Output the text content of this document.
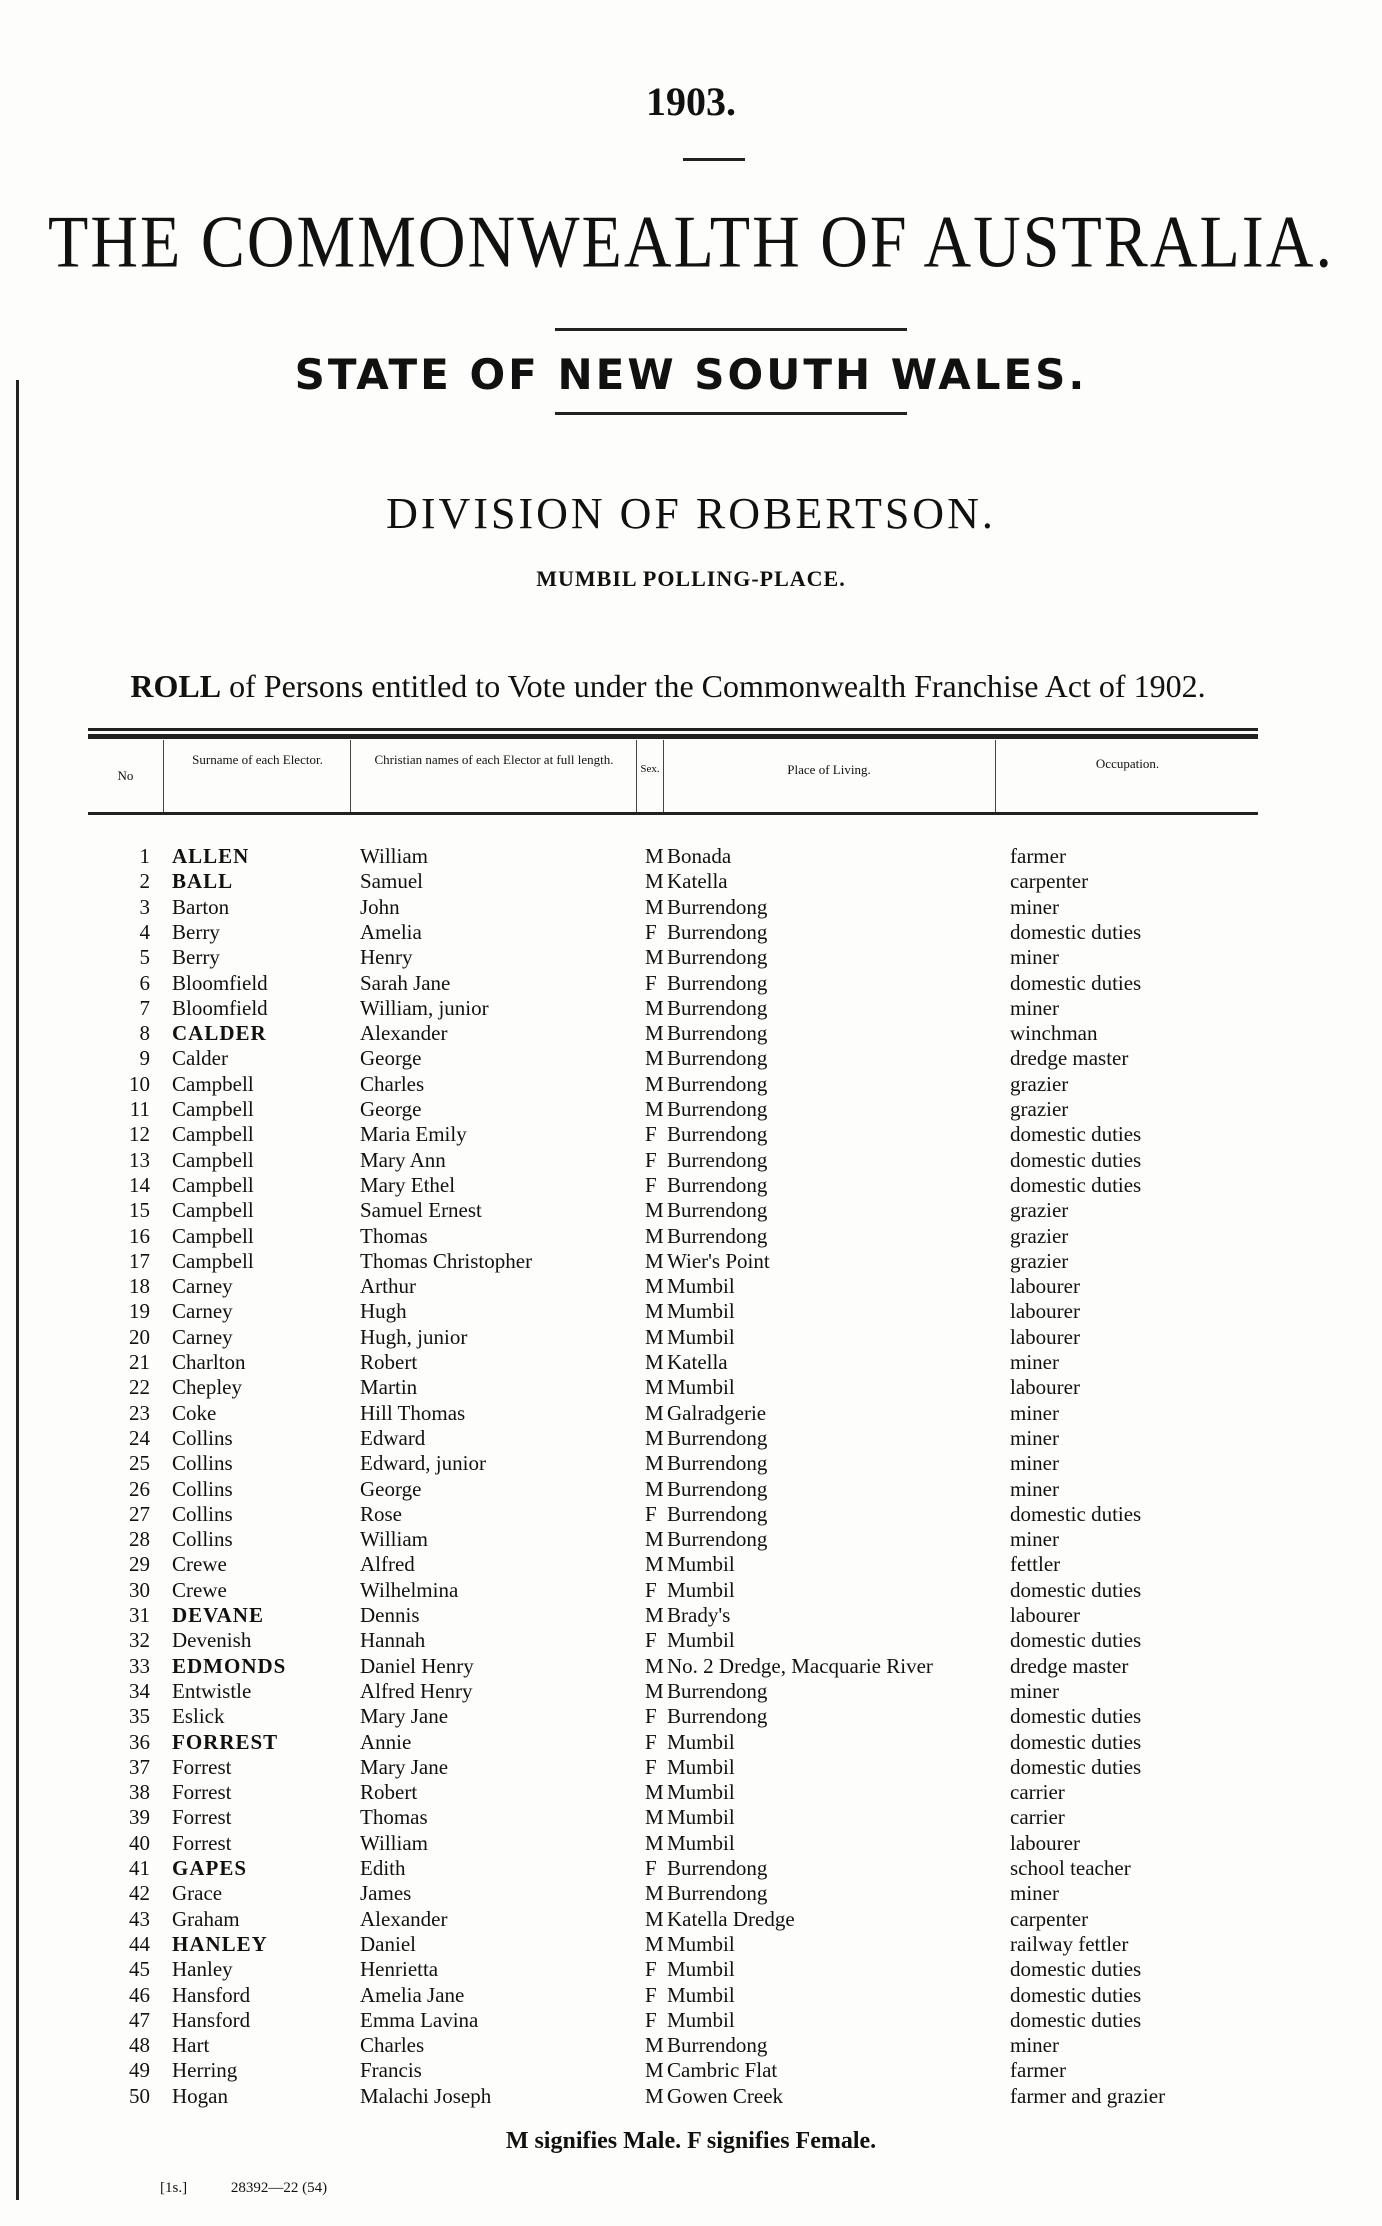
1903.
THE COMMONWEALTH OF AUSTRALIA.
STATE OF NEW SOUTH WALES.
DIVISION OF ROBERTSON.
MUMBIL POLLING-PLACE.
ROLL of Persons entitled to Vote under the Commonwealth Franchise Act of 1902.
No
Surname of each Elector.	Christian names of each Elector at full length.
Sex.	Place of Living.	Occupation.
1 ALLEN	William	M Bonada	farmer
2 BALL	Samuel	M Katella	carpenter
3 Barton	John	M Burrendong	miner
4 Berry	Amelia	F Burrendong	domestic duties
5 Berry	Henry	M Burrendong	miner
6 Bloomfield	Sarah Jane	F Burrendong	domestic duties
7 Bloomfield	William, junior	M Burrendong	miner
8 CALDER	Alexander	M Burrendong	winchman
9 Calder	George	M Burrendong	dredge master
10 Campbell	Charles	M Burrendong	grazier
11 Campbell	George	M Burrendong	grazier
12 Campbell	Maria Emily	F Burrendong	domestic duties
13 Campbell	Mary Ann	F Burrendong	domestic duties
14 Campbell	Mary Ethel	F Burrendong	domestic duties
15 Campbell	Samuel Ernest	M Burrendong	grazier
16 Campbell	Thomas	M Burrendong	grazier
17 Campbell	Thomas Christopher	M Wier's Point	grazier
18 Carney	Arthur	M Mumbil	labourer
19 Carney	Hugh	M Mumbil	labourer
20 Carney	Hugh, junior	M Mumbil	labourer
21 Charlton	Robert	M Katella	miner
22 Chepley	Martin	M Mumbil	labourer
23 Coke	Hill Thomas	M Galradgerie	miner
24 Collins	Edward	M Burrendong	miner
25 Collins	Edward, junior	M Burrendong	miner
26 Collins	George	M Burrendong	miner
27 Collins	Rose	F Burrendong	domestic duties
28 Collins	William	M Burrendong	miner
29 Crewe	Alfred	M Mumbil	fettler
30 Crewe	Wilhelmina	F Mumbil	domestic duties
31 DEVANE	Dennis	M Brady's	labourer
32 Devenish	Hannah	F Mumbil	domestic duties
33 EDMONDS	Daniel Henry	M No. 2 Dredge, Macquarie River	dredge master
34 Entwistle	Alfred Henry	M Burrendong	miner
35 Eslick	Mary Jane	F Burrendong	domestic duties
36 FORREST	Annie	F Mumbil	domestic duties
37 Forrest	Mary Jane	F Mumbil	domestic duties
38 Forrest	Robert	M Mumbil	carrier
39 Forrest	Thomas	M Mumbil	carrier
40 Forrest	William	M Mumbil	labourer
41 GAPES	Edith	F Burrendong	school teacher
42 Grace	James	M Burrendong	miner
43 Graham	Alexander	M Katella Dredge	carpenter
44 HANLEY	Daniel	M Mumbil	railway fettler
45 Hanley	Henrietta	F Mumbil	domestic duties
46 Hansford	Amelia Jane	F Mumbil	domestic duties
47 Hansford	Emma Lavina	F Mumbil	domestic duties
48 Hart	Charles	M Burrendong	miner
49 Herring	Francis	M Cambric Flat	farmer
50 Hogan	Malachi Joseph	M Gowen Creek	farmer and grazier
M signifies Male. F signifies Female.
[1s.]	28392—22 (54)
